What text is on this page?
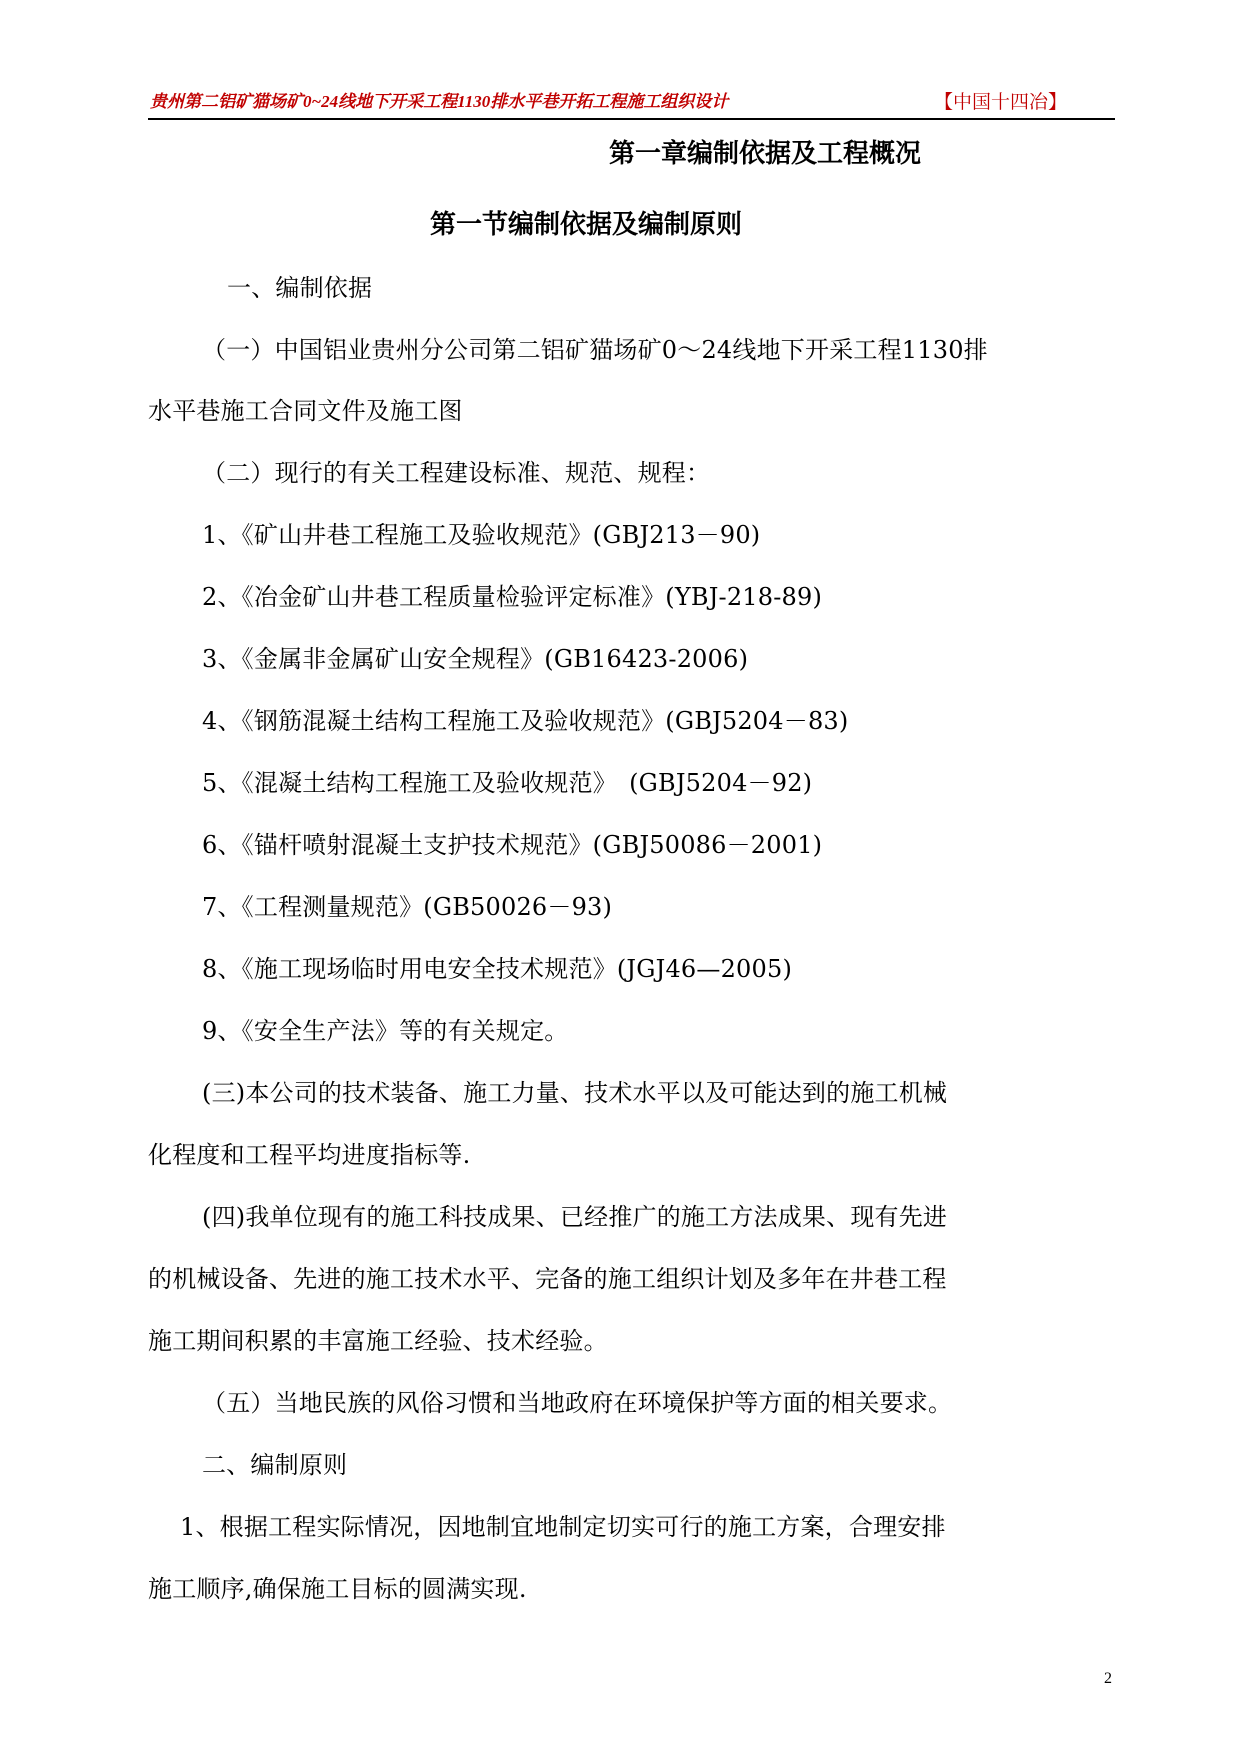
贵州第二铝矿猫场矿0~24线地下开采工程1130排水平巷开拓工程施工组织设计	【中国十四冶】
第一章编制依据及工程概况
第一节编制依据及编制原则
一、编制依据
（一）中国铝业贵州分公司第二铝矿猫场矿0～24线地下开采工程1130排
水平巷施工合同文件及施工图
（二）现行的有关工程建设标准、规范、规程：
1、《矿山井巷工程施工及验收规范》(GBJ213－90)
2、《冶金矿山井巷工程质量检验评定标准》(YBJ-218-89)
3、《金属非金属矿山安全规程》(GB16423-2006)
4、《钢筋混凝土结构工程施工及验收规范》(GBJ5204－83)
5、《混凝土结构工程施工及验收规范》　(GBJ5204－92)
6、《锚杆喷射混凝土支护技术规范》(GBJ50086－2001)
7、《工程测量规范》(GB50026－93)
8、《施工现场临时用电安全技术规范》(JGJ46—2005)
9、《安全生产法》等的有关规定。
(三)本公司的技术装备、施工力量、技术水平以及可能达到的施工机械
化程度和工程平均进度指标等.
(四)我单位现有的施工科技成果、已经推广的施工方法成果、现有先进
的机械设备、先进的施工技术水平、完备的施工组织计划及多年在井巷工程
施工期间积累的丰富施工经验、技术经验。
（五）当地民族的风俗习惯和当地政府在环境保护等方面的相关要求。
二、编制原则
1、根据工程实际情况，因地制宜地制定切实可行的施工方案，合理安排
施工顺序,确保施工目标的圆满实现.
2
